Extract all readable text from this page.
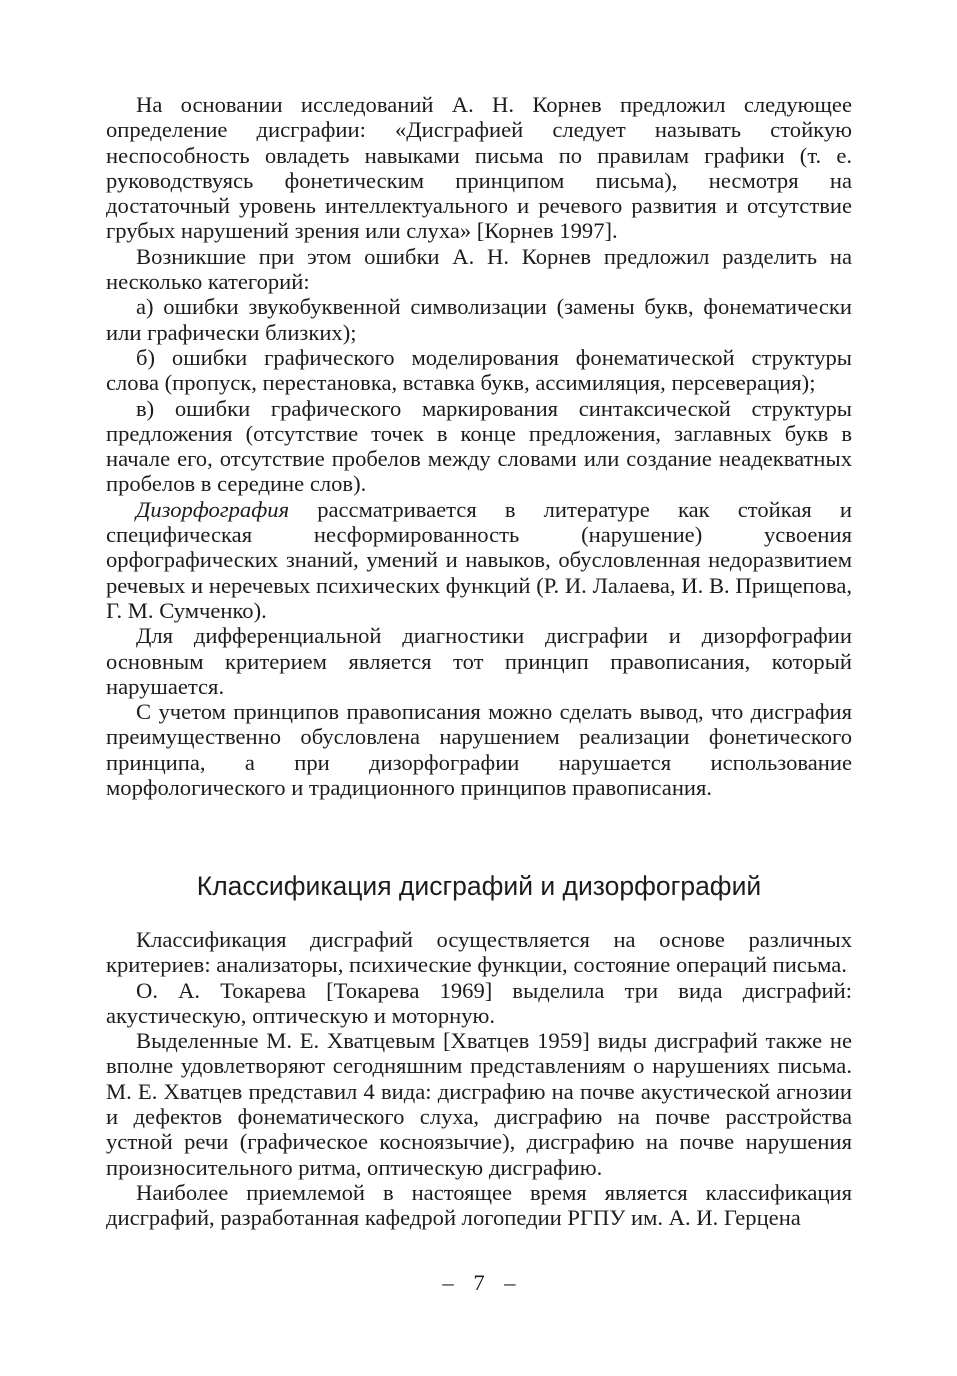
На основании исследований А. Н. Корнев предложил следующее определение дисграфии: «Дисграфией следует называть стойкую неспособность овладеть навыками письма по правилам графики (т. е. руководствуясь фонетическим принципом письма), несмотря на достаточный уровень интеллектуального и речевого развития и отсутствие грубых нарушений зрения или слуха» [Корнев 1997].

Возникшие при этом ошибки А. Н. Корнев предложил разделить на несколько категорий:

а) ошибки звукобуквенной символизации (замены букв, фонематически или графически близких);

б) ошибки графического моделирования фонематической структуры слова (пропуск, перестановка, вставка букв, ассимиляция, персеверация);

в) ошибки графического маркирования синтаксической структуры предложения (отсутствие точек в конце предложения, заглавных букв в начале его, отсутствие пробелов между словами или создание неадекватных пробелов в середине слов).

Дизорфография рассматривается в литературе как стойкая и специфическая несформированность (нарушение) усвоения орфографических знаний, умений и навыков, обусловленная недоразвитием речевых и неречевых психических функций (Р. И. Лалаева, И. В. Прищепова, Г. М. Сумченко).

Для дифференциальной диагностики дисграфии и дизорфографии основным критерием является тот принцип правописания, который нарушается.

С учетом принципов правописания можно сделать вывод, что дисграфия преимущественно обусловлена нарушением реализации фонетического принципа, а при дизорфографии нарушается использование морфологического и традиционного принципов правописания.

Классификация дисграфий и дизорфографий

Классификация дисграфий осуществляется на основе различных критериев: анализаторы, психические функции, состояние операций письма.

О. А. Токарева [Токарева 1969] выделила три вида дисграфий: акустическую, оптическую и моторную.

Выделенные М. Е. Хватцевым [Хватцев 1959] виды дисграфий также не вполне удовлетворяют сегодняшним представлениям о нарушениях письма. М. Е. Хватцев представил 4 вида: дисграфию на почве акустической агнозии и дефектов фонематического слуха, дисграфию на почве расстройства устной речи (графическое косноязычие), дисграфию на почве нарушения произносительного ритма, оптическую дисграфию.

Наиболее приемлемой в настоящее время является классификация дисграфий, разработанная кафедрой логопедии РГПУ им. А. И. Герцена

– 7 –
